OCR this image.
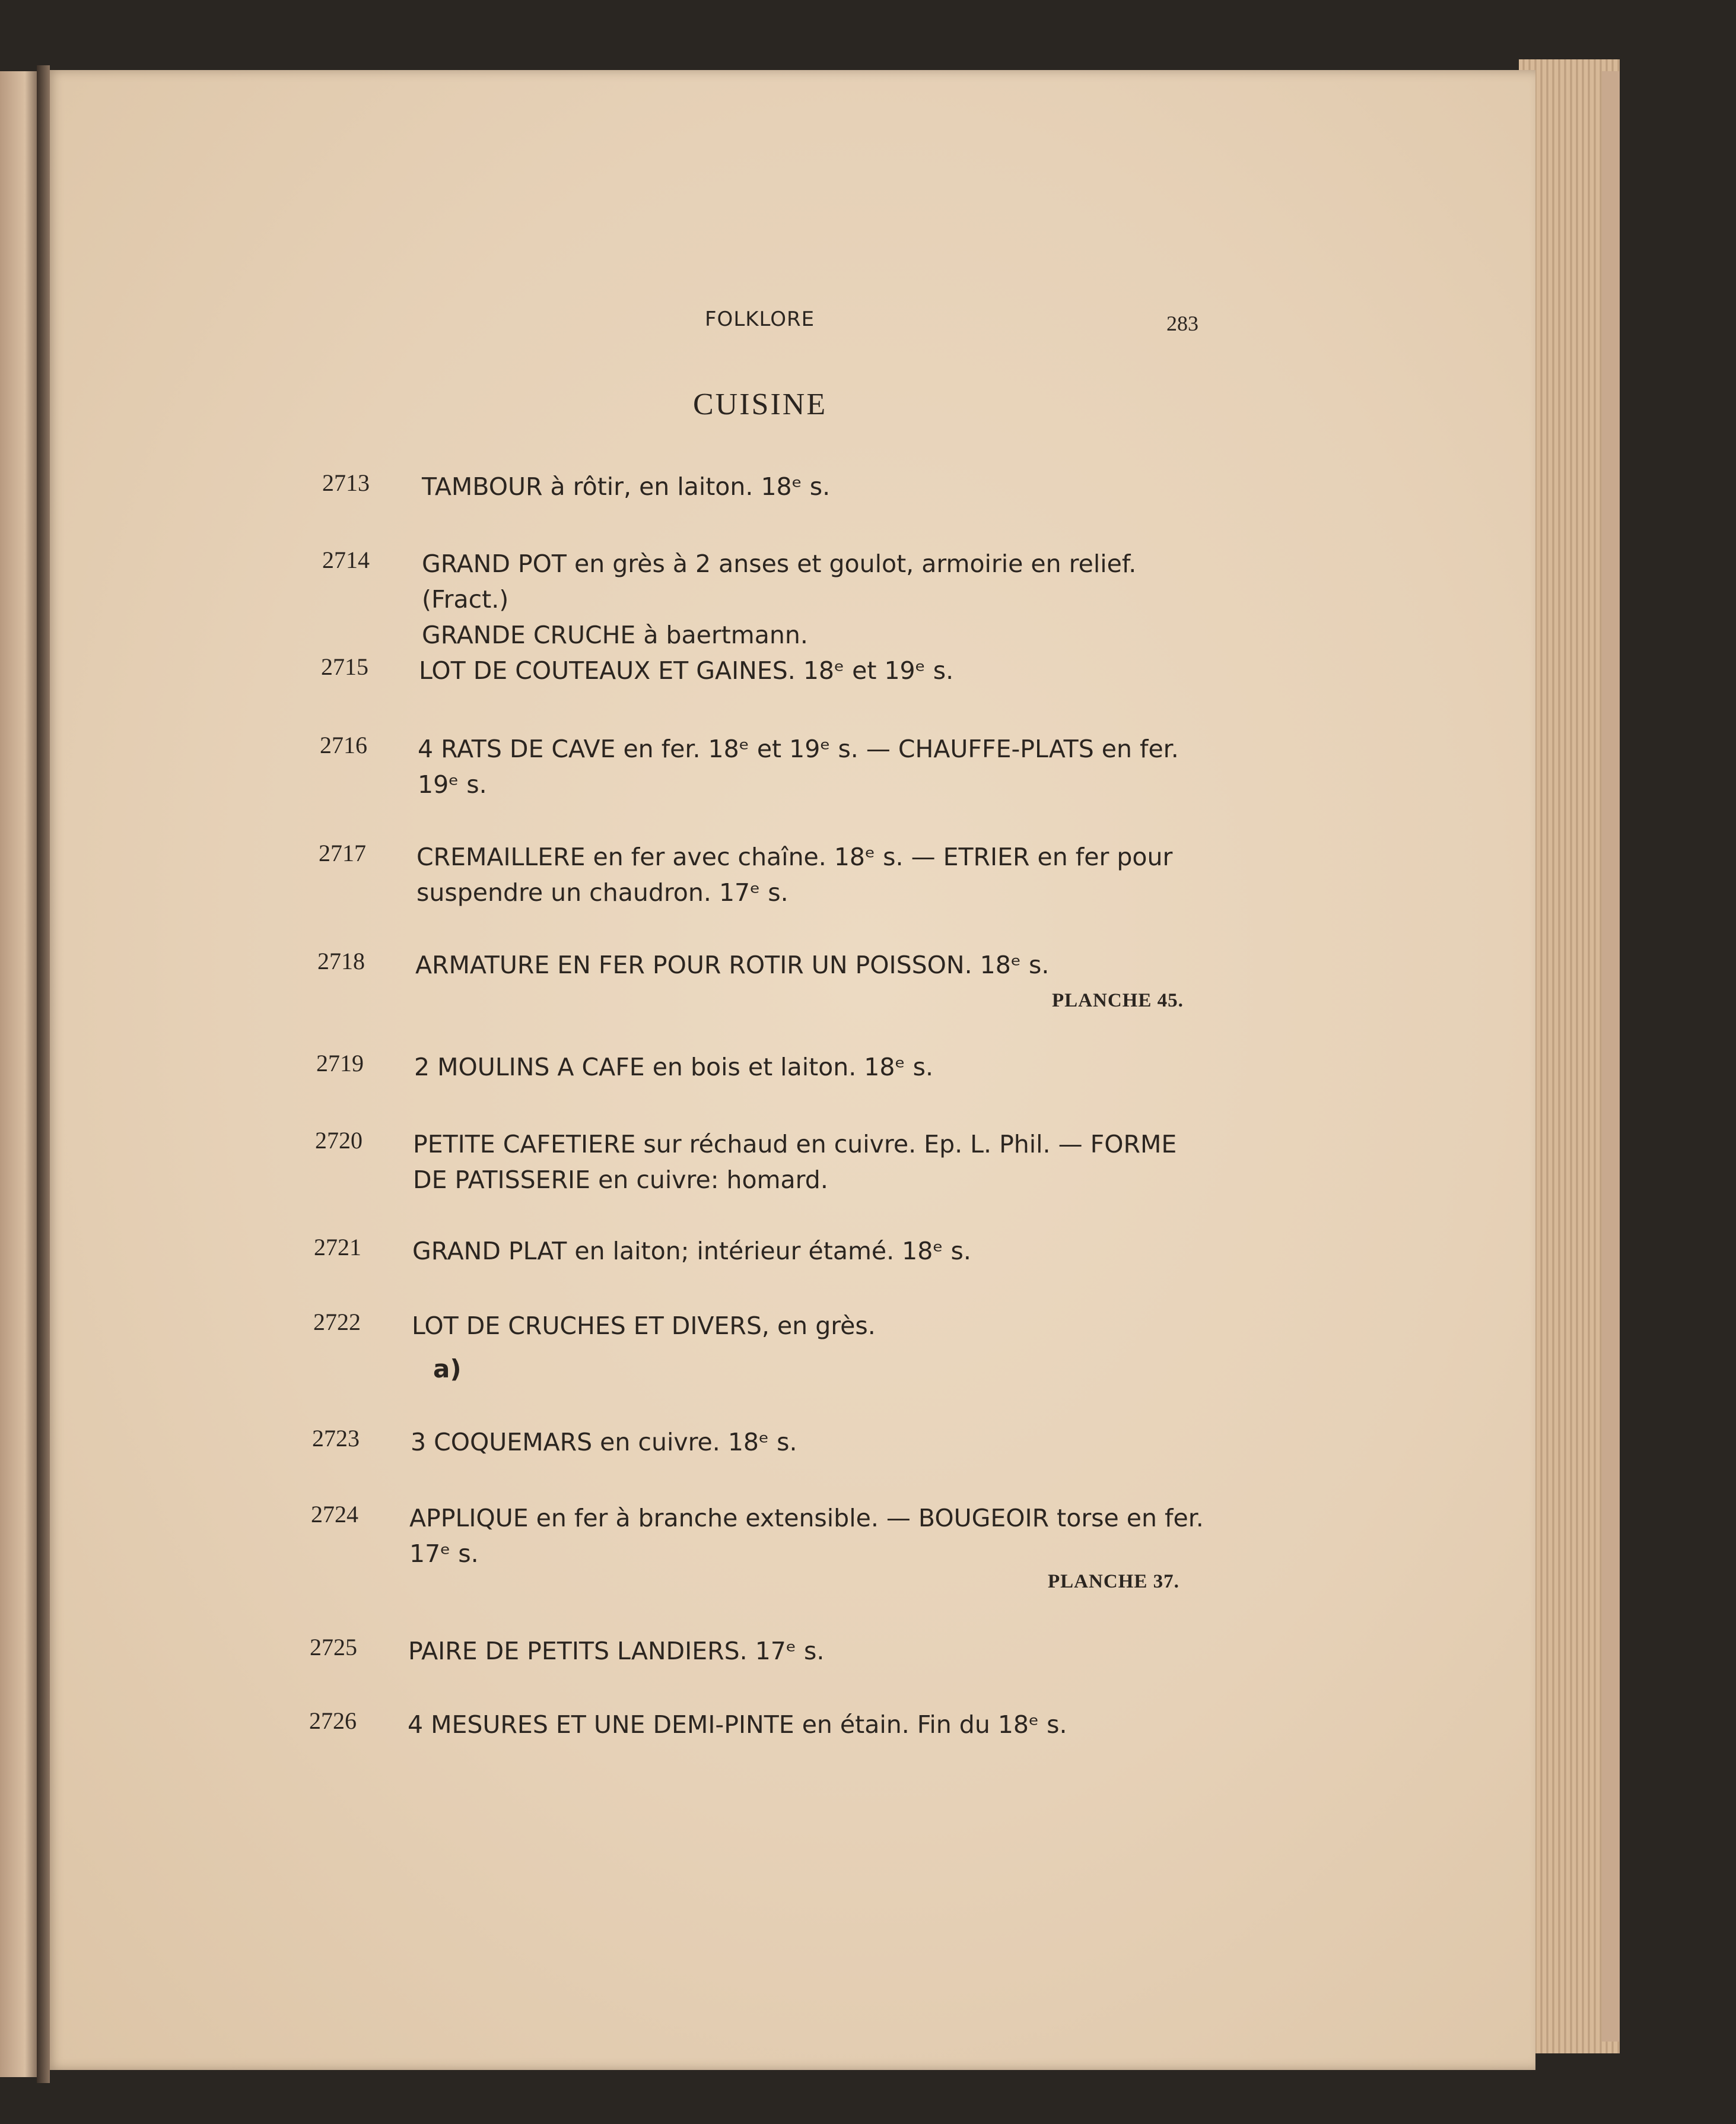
FOLKLORE	283
CUISINE
2713 TAMBOUR à rôtir, en laiton. 18ᵉ s.
2714 GRAND POT en grès à 2 anses et goulot, armoirie en relief. (Fract.)
GRANDE CRUCHE à baertmann.
2715 LOT DE COUTEAUX ET GAINES. 18ᵉ et 19ᵉ s.
2716 4 RATS DE CAVE en fer. 18ᵉ et 19ᵉ s. — CHAUFFE-PLATS en fer.
19ᵉ s.
2717 CREMAILLERE en fer avec chaîne. 18ᵉ s. — ETRIER en fer pour
suspendre un chaudron. 17ᵉ s.
2718 ARMATURE EN FER POUR ROTIR UN POISSON. 18ᵉ s.
PLANCHE 45.
2719 2 MOULINS A CAFE en bois et laiton. 18ᵉ s.
2720 PETITE CAFETIERE sur réchaud en cuivre. Ep. L. Phil. — FORME
DE PATISSERIE en cuivre: homard.
2721 GRAND PLAT en laiton; intérieur étamé. 18ᵉ s.
2722 LOT DE CRUCHES ET DIVERS, en grès.
a)
2723 3 COQUEMARS en cuivre. 18ᵉ s.
2724 APPLIQUE en fer à branche extensible. — BOUGEOIR torse en fer.
17ᵉ s.
PLANCHE 37.
2725 PAIRE DE PETITS LANDIERS. 17ᵉ s.
2726 4 MESURES ET UNE DEMI-PINTE en étain. Fin du 18ᵉ s.
